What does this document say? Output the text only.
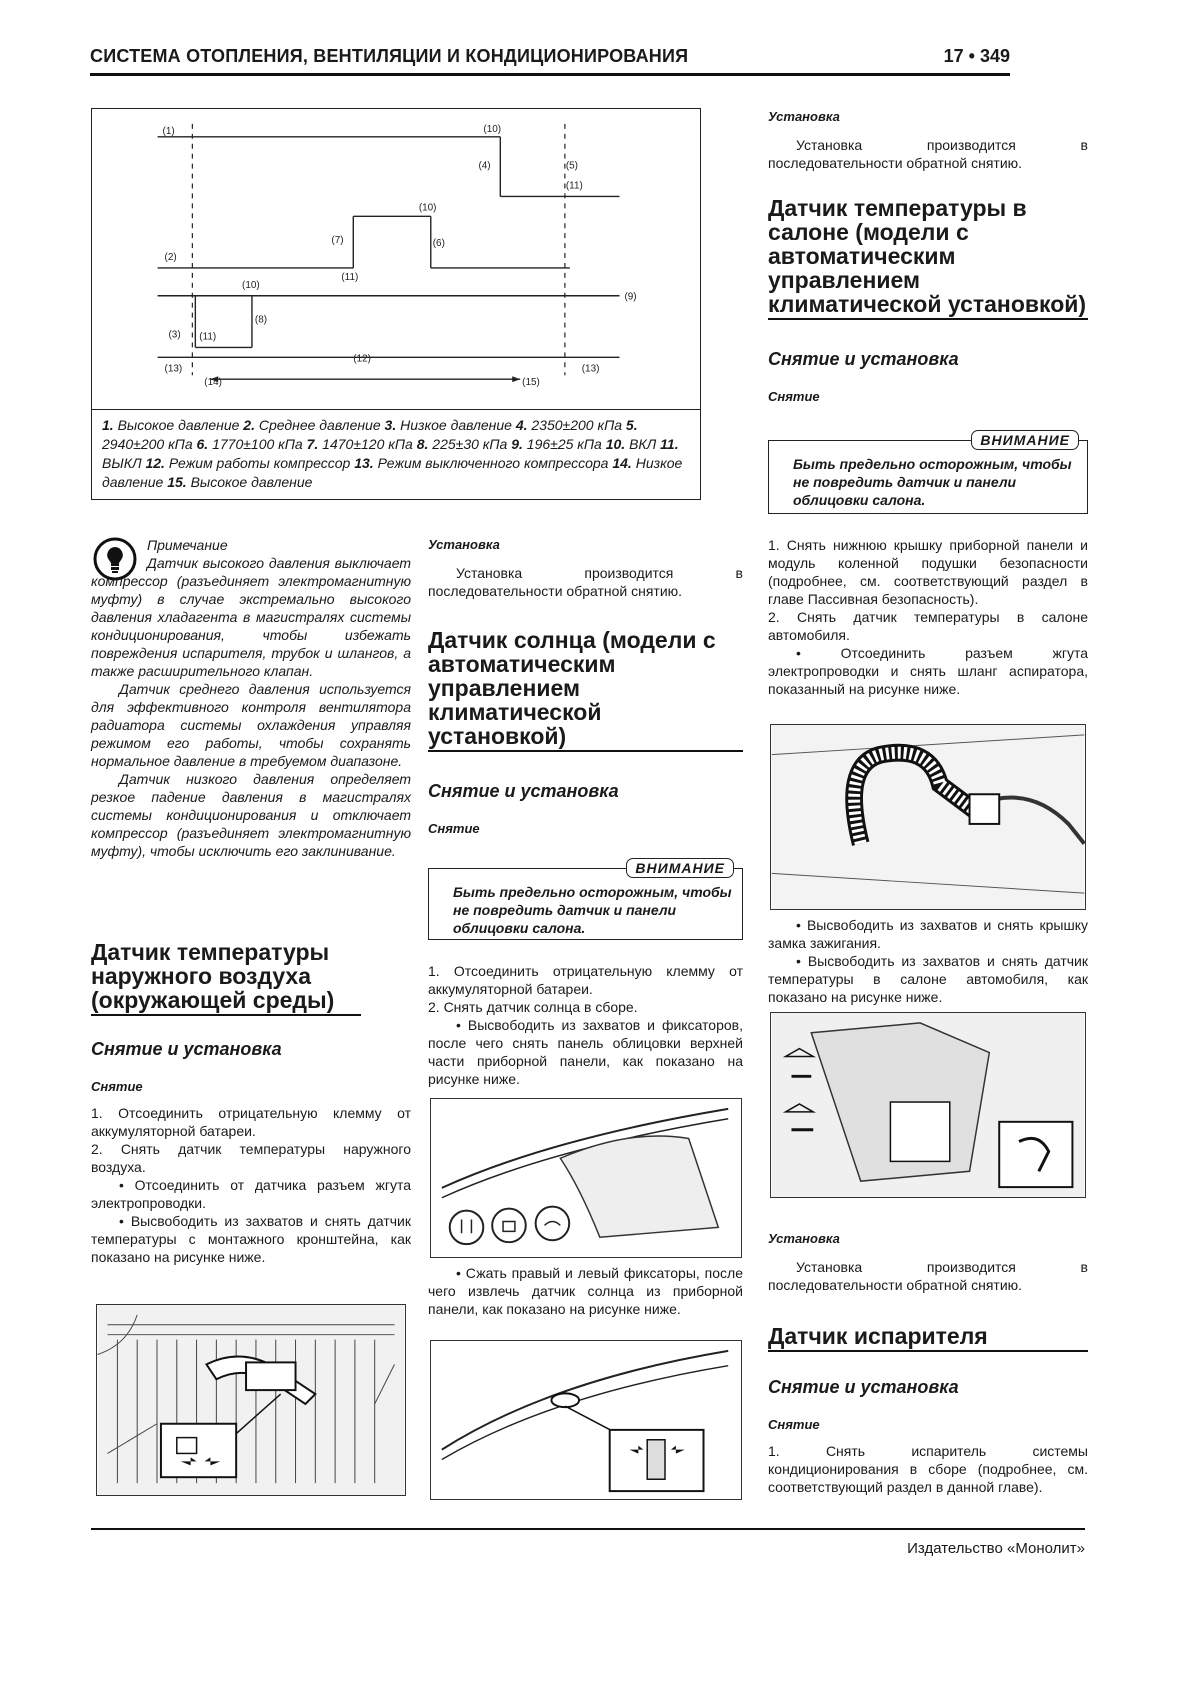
СИСТЕМА ОТОПЛЕНИЯ, ВЕНТИЛЯЦИИ И КОНДИЦИОНИРОВАНИЯ	17 • 349
(1)	(10)
(4)	(5)
(11)
(10)
(7)	(6)
(2)
(11)
(10)
(9)
(8)
(3) (11)
(12)
(13)	(13)
(14)	(15)
1. Высокое давление 2. Среднее давление 3. Низкое давление 4. 2350±200 кПа 5. 2940±200 кПа 6. 1770±100 кПа 7. 1470±120 кПа 8. 225±30 кПа 9. 196±25 кПа 10. ВКЛ 11. ВЫКЛ 12. Режим работы компрессор 13. Режим выключенного компрессора 14. Низкое давление 15. Высокое давление

Примечание

Датчик высокого давления выключает компрессор (разъединяет электромагнитную муфту) в случае экстремально высокого давления хладагента в магистралях системы кондиционирования, чтобы избежать повреждения испарителя, трубок и шлангов, а также расширительного клапан.

Датчик среднего давления используется для эффективного контроля вентилятора радиатора системы охлаждения управляя режимом его работы, чтобы сохранять нормальное давление в требуемом диапазоне.

Датчик низкого давления определяет резкое падение давления в магистралях системы кондиционирования и отключает компрессор (разъединяет электромагнитную муфту), чтобы исключить его заклинивание.

Датчик температуры наружного воздуха (окружающей среды)
Снятие и установка
Снятие

1. Отсоединить отрицательную клемму от аккумуляторной батареи.

2. Снять датчик температуры наружного воздуха.

• Отсоединить от датчика разъем жгута электропроводки.

• Высвободить из захватов и снять датчик температуры с монтажного кронштейна, как показано на рисунке ниже.

Установка

Установка производится в последовательности обратной снятию.

Датчик солнца (модели с автоматическим управлением климатической установкой)
Снятие и установка
Снятие
ВНИМАНИЕ
Быть предельно осторожным, чтобы не повредить датчик и панели облицовки салона.

1. Отсоединить отрицательную клемму от аккумуляторной батареи.

2. Снять датчик солнца в сборе.

• Высвободить из захватов и фиксаторов, после чего снять панель облицовки верхней части приборной панели, как показано на рисунке ниже.

• Сжать правый и левый фиксаторы, после чего извлечь датчик солнца из приборной панели, как показано на рисунке ниже.

Установка

Установка производится в последовательности обратной снятию.

Датчик температуры в салоне (модели с автоматическим управлением климатической установкой)
Снятие и установка
Снятие
ВНИМАНИЕ
Быть предельно осторожным, чтобы не повредить датчик и панели облицовки салона.

1. Снять нижнюю крышку приборной панели и модуль коленной подушки безопасности (подробнее, см. соответствующий раздел в главе Пассивная безопасность).

2. Снять датчик температуры в салоне автомобиля.

• Отсоединить разъем жгута электропроводки и снять шланг аспиратора, показанный на рисунке ниже.

• Высвободить из захватов и снять крышку замка зажигания.

• Высвободить из захватов и снять датчик температуры в салоне автомобиля, как показано на рисунке ниже.

Установка

Установка производится в последовательности обратной снятию.

Датчик испарителя
Снятие и установка
Снятие

1. Снять испаритель системы кондиционирования в сборе (подробнее, см. соответствующий раздел в данной главе).

Издательство «Монолит»
